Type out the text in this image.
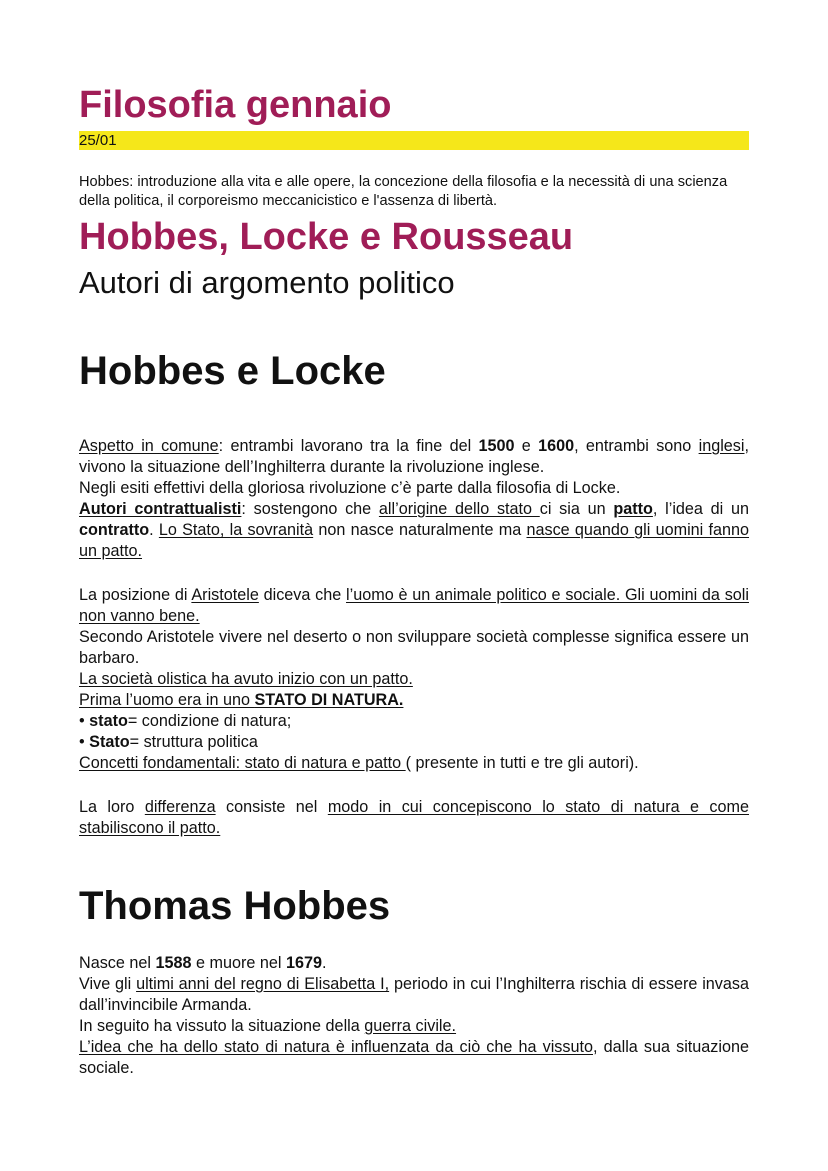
Filosofia gennaio
25/01

Hobbes: introduzione alla vita e alle opere, la concezione della filosofia e la necessità di una scienza della politica, il corporeismo meccanicistico e l'assenza di libertà.

Hobbes, Locke e Rousseau
Autori di argomento politico
Hobbes e Locke

Aspetto in comune: entrambi lavorano tra la fine del 1500 e 1600, entrambi sono inglesi, vivono la situazione dell’Inghilterra durante la rivoluzione inglese.

Negli esiti effettivi della gloriosa rivoluzione c’è parte dalla filosofia di Locke.

Autori contrattualisti: sostengono che all’origine dello stato ci sia un patto, l’idea di un contratto. Lo Stato, la sovranità non nasce naturalmente ma nasce quando gli uomini fanno un patto.

La posizione di Aristotele diceva che l’uomo è un animale politico e sociale. Gli uomini da soli non vanno bene.

Secondo Aristotele vivere nel deserto o non sviluppare società complesse significa essere un barbaro.

La società olistica ha avuto inizio con un patto.

Prima l’uomo era in uno STATO DI NATURA.

• stato= condizione di natura;

• Stato= struttura politica

Concetti fondamentali: stato di natura e patto ( presente in tutti e tre gli autori).

La loro differenza consiste nel modo in cui concepiscono lo stato di natura e come stabiliscono il patto.

Thomas Hobbes

Nasce nel 1588 e muore nel 1679.

Vive gli ultimi anni del regno di Elisabetta I, periodo in cui l’Inghilterra rischia di essere invasa dall’invincibile Armanda.

In seguito ha vissuto la situazione della guerra civile.

L’idea che ha dello stato di natura è influenzata da ciò che ha vissuto, dalla sua situazione sociale.
